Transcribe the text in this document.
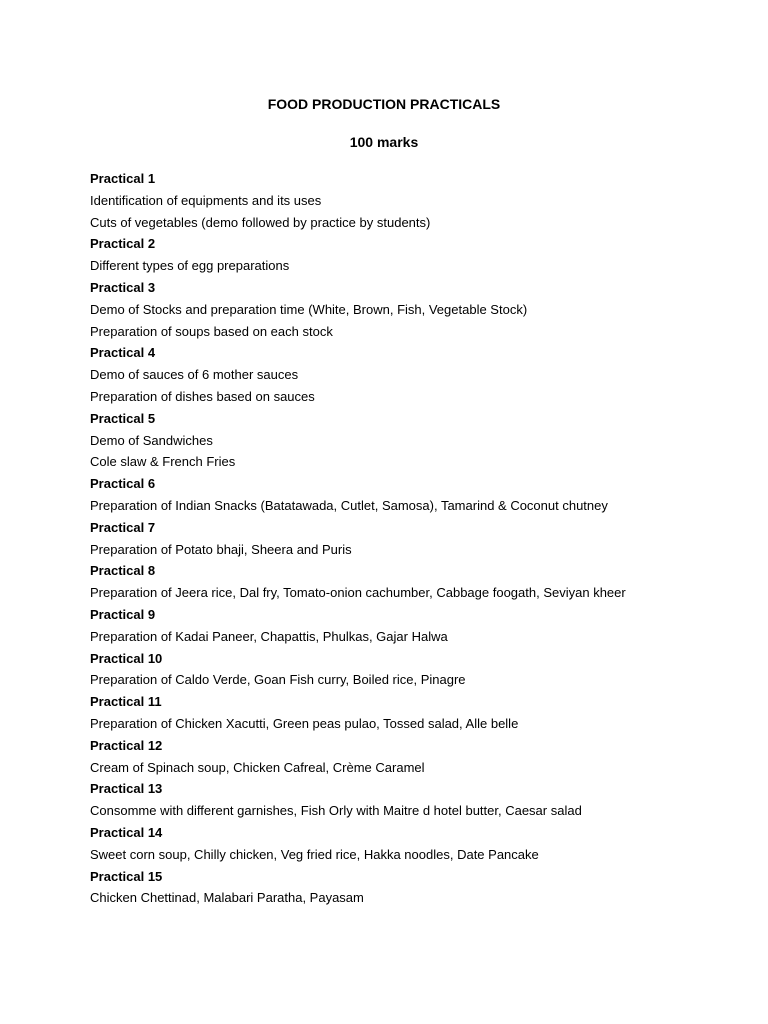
FOOD PRODUCTION PRACTICALS
100 marks
Practical 1
Identification of equipments and its uses
Cuts of vegetables (demo followed by practice by students)
Practical 2
Different types of egg preparations
Practical 3
Demo of Stocks and preparation time (White, Brown, Fish, Vegetable Stock)
Preparation of soups based on each stock
Practical 4
Demo of sauces of 6 mother sauces
Preparation of dishes based on sauces
Practical 5
Demo of Sandwiches
Cole slaw & French Fries
Practical 6
Preparation of Indian Snacks (Batatawada, Cutlet, Samosa), Tamarind & Coconut chutney
Practical 7
Preparation of Potato bhaji, Sheera and Puris
Practical 8
Preparation of Jeera rice, Dal fry, Tomato-onion cachumber, Cabbage foogath, Seviyan kheer
Practical 9
Preparation of Kadai Paneer, Chapattis, Phulkas, Gajar Halwa
Practical 10
Preparation of Caldo Verde, Goan Fish curry, Boiled rice, Pinagre
Practical 11
Preparation of Chicken Xacutti, Green peas pulao, Tossed salad, Alle belle
Practical 12
Cream of Spinach soup, Chicken Cafreal, Crème Caramel
Practical 13
Consomme with different garnishes, Fish Orly with Maitre d hotel butter, Caesar salad
Practical 14
Sweet corn soup, Chilly chicken, Veg fried rice, Hakka noodles, Date Pancake
Practical 15
Chicken Chettinad, Malabari Paratha, Payasam
